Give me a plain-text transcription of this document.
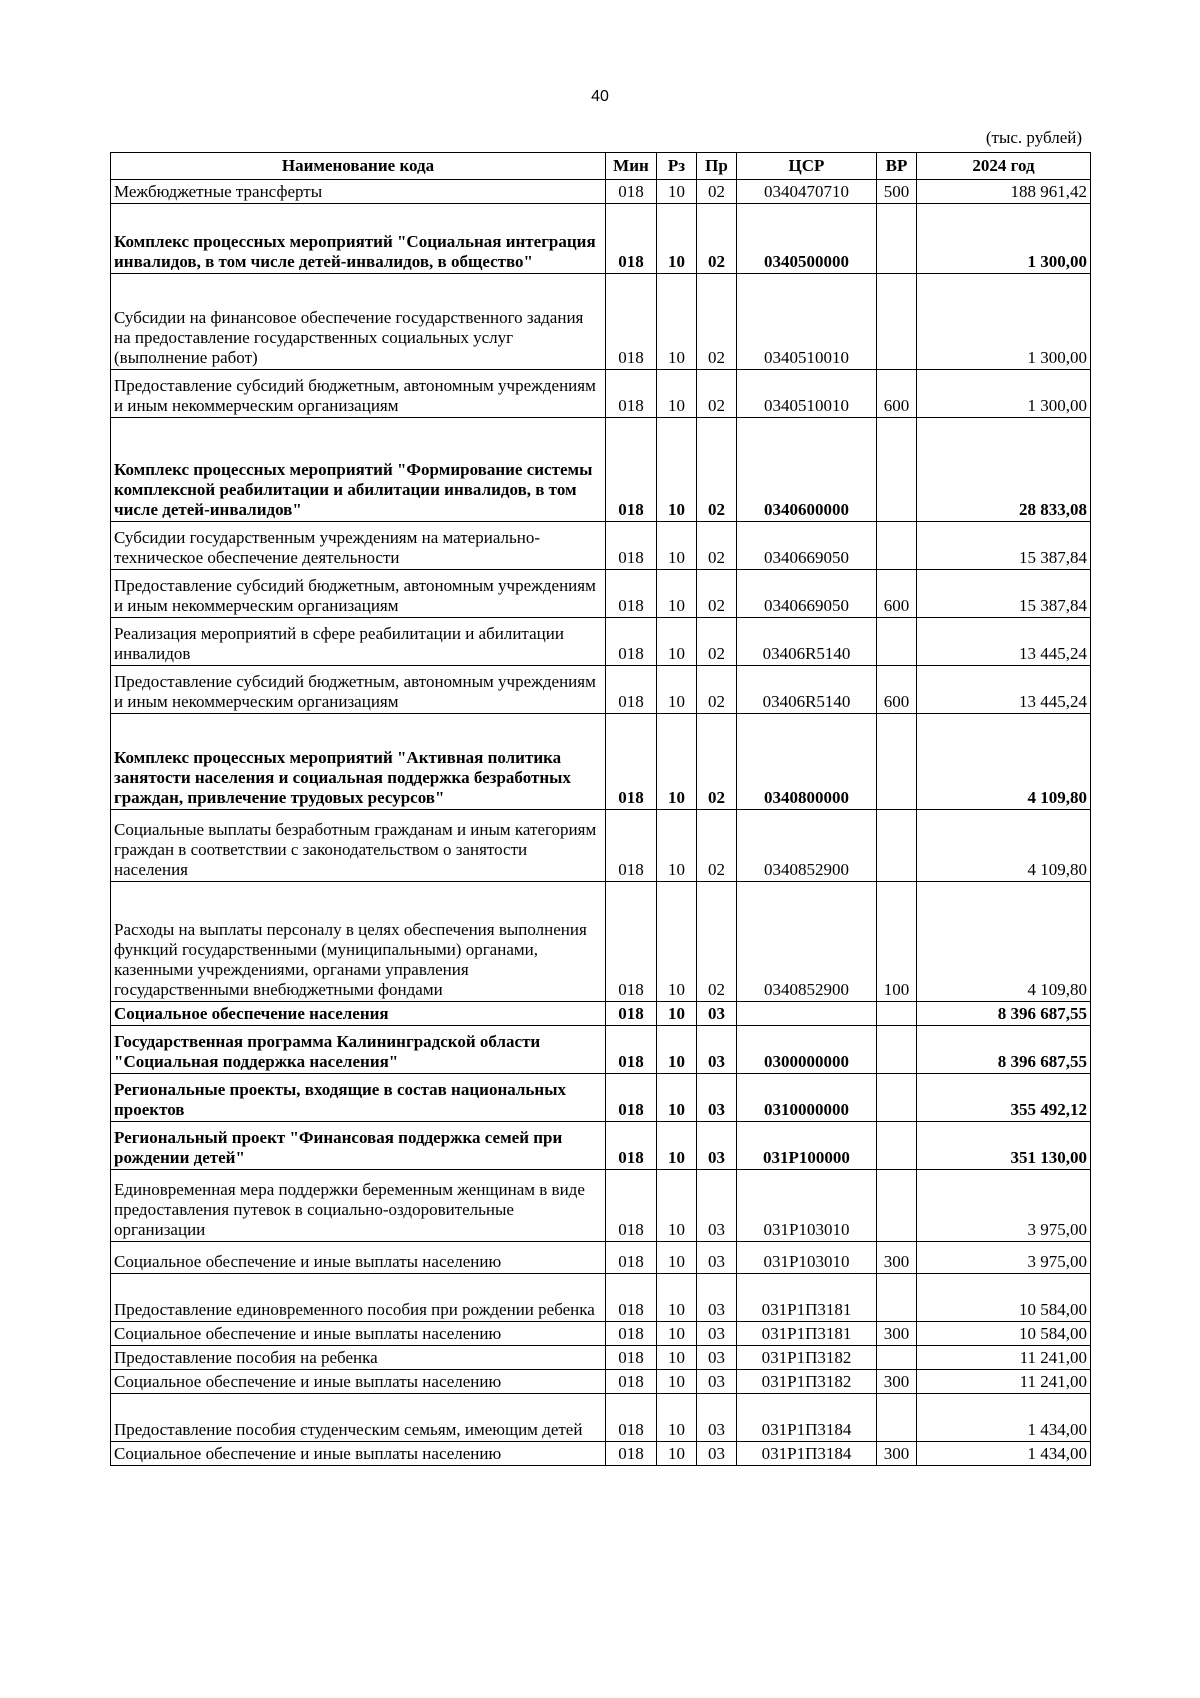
40
(тыс. рублей)
Наименование кода	Мин	Рз	Пр	ЦСР	ВР	2024 год
Межбюджетные трансферты	018	10	02	0340470710	500	188 961,42
Комплекс процессных мероприятий "Социальная интеграция инвалидов, в том числе детей-инвалидов, в общество"	018	10	02	0340500000		1 300,00
Субсидии на финансовое обеспечение государственного задания на предоставление государственных социальных услуг (выполнение работ)	018	10	02	0340510010		1 300,00
Предоставление субсидий бюджетным, автономным учреждениям и иным некоммерческим организациям	018	10	02	0340510010	600	1 300,00
Комплекс процессных мероприятий "Формирование системы комплексной реабилитации и абилитации инвалидов, в том числе детей-инвалидов"	018	10	02	0340600000		28 833,08
Субсидии государственным учреждениям на материально-техническое обеспечение деятельности	018	10	02	0340669050		15 387,84
Предоставление субсидий бюджетным, автономным учреждениям и иным некоммерческим организациям	018	10	02	0340669050	600	15 387,84
Реализация мероприятий в сфере реабилитации и абилитации инвалидов	018	10	02	03406R5140		13 445,24
Предоставление субсидий бюджетным, автономным учреждениям и иным некоммерческим организациям	018	10	02	03406R5140	600	13 445,24
Комплекс процессных мероприятий "Активная политика занятости населения и социальная поддержка безработных граждан, привлечение трудовых ресурсов"	018	10	02	0340800000		4 109,80
Социальные выплаты безработным гражданам и иным категориям граждан в соответствии с законодательством о занятости населения	018	10	02	0340852900		4 109,80
Расходы на выплаты персоналу в целях обеспечения выполнения функций государственными (муниципальными) органами, казенными учреждениями, органами управления государственными внебюджетными фондами	018	10	02	0340852900	100	4 109,80
Социальное обеспечение населения	018	10	03			8 396 687,55
Государственная программа Калининградской области "Социальная поддержка населения"	018	10	03	0300000000		8 396 687,55
Региональные проекты, входящие в состав национальных проектов	018	10	03	0310000000		355 492,12
Региональный проект "Финансовая поддержка семей при рождении детей"	018	10	03	031P100000		351 130,00
Единовременная мера поддержки беременным женщинам в виде предоставления путевок в социально-оздоровительные организации	018	10	03	031P103010		3 975,00
Социальное обеспечение и иные выплаты населению	018	10	03	031P103010	300	3 975,00
Предоставление единовременного пособия при рождении ребенка	018	10	03	031P1П3181		10 584,00
Социальное обеспечение и иные выплаты населению	018	10	03	031P1П3181	300	10 584,00
Предоставление пособия на ребенка	018	10	03	031P1П3182		11 241,00
Социальное обеспечение и иные выплаты населению	018	10	03	031P1П3182	300	11 241,00
Предоставление пособия студенческим семьям, имеющим детей	018	10	03	031P1П3184		1 434,00
Социальное обеспечение и иные выплаты населению	018	10	03	031P1П3184	300	1 434,00
